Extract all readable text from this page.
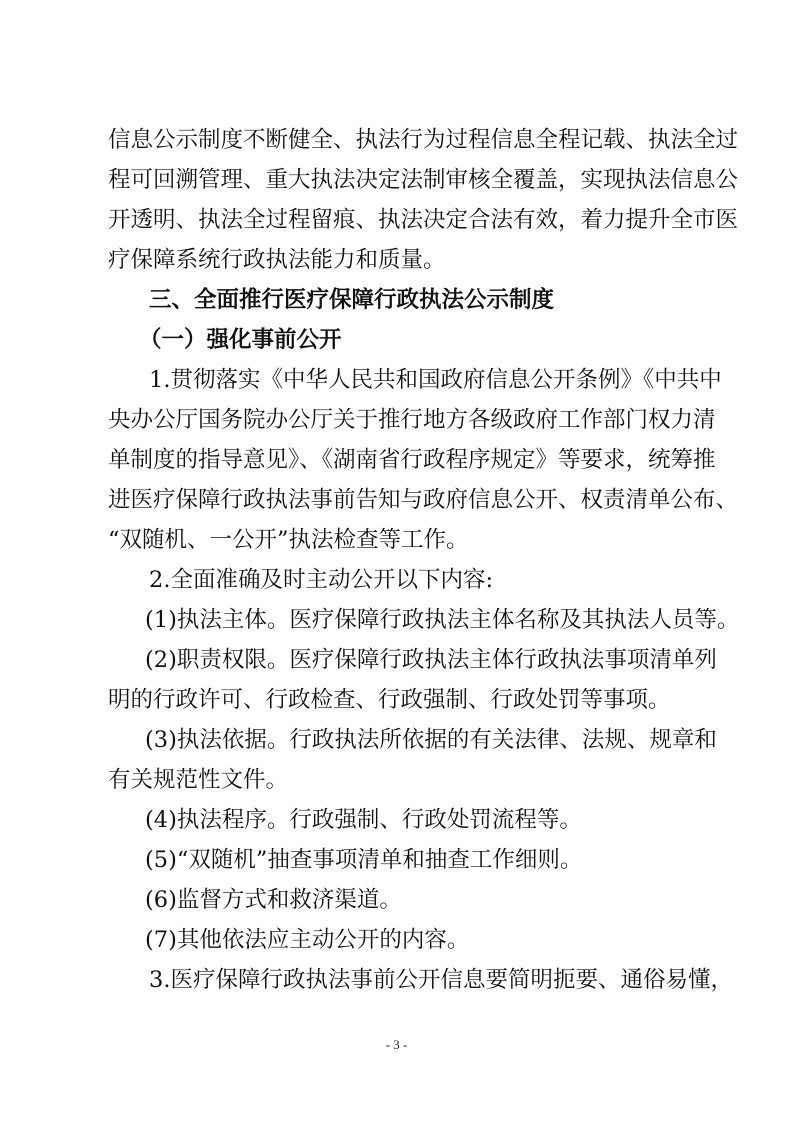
信息公示制度不断健全、执法行为过程信息全程记载、执法全过
程可回溯管理、重大执法决定法制审核全覆盖，实现执法信息公
开透明、执法全过程留痕、执法决定合法有效，着力提升全市医
疗保障系统行政执法能力和质量。
三、全面推行医疗保障行政执法公示制度
（一）强化事前公开
1.贯彻落实《中华人民共和国政府信息公开条例》《中共中
央办公厅国务院办公厅关于推行地方各级政府工作部门权力清
单制度的指导意见》、《湖南省行政程序规定》等要求，统筹推
进医疗保障行政执法事前告知与政府信息公开、权责清单公布、
“双随机、一公开”执法检查等工作。
2.全面准确及时主动公开以下内容:
(1)执法主体。医疗保障行政执法主体名称及其执法人员等。
(2)职责权限。医疗保障行政执法主体行政执法事项清单列
明的行政许可、行政检查、行政强制、行政处罚等事项。
(3)执法依据。行政执法所依据的有关法律、法规、规章和
有关规范性文件。
(4)执法程序。行政强制、行政处罚流程等。
(5)“双随机”抽查事项清单和抽查工作细则。
(6)监督方式和救济渠道。
(7)其他依法应主动公开的内容。
3.医疗保障行政执法事前公开信息要简明扼要、通俗易懂，
- 3 -
